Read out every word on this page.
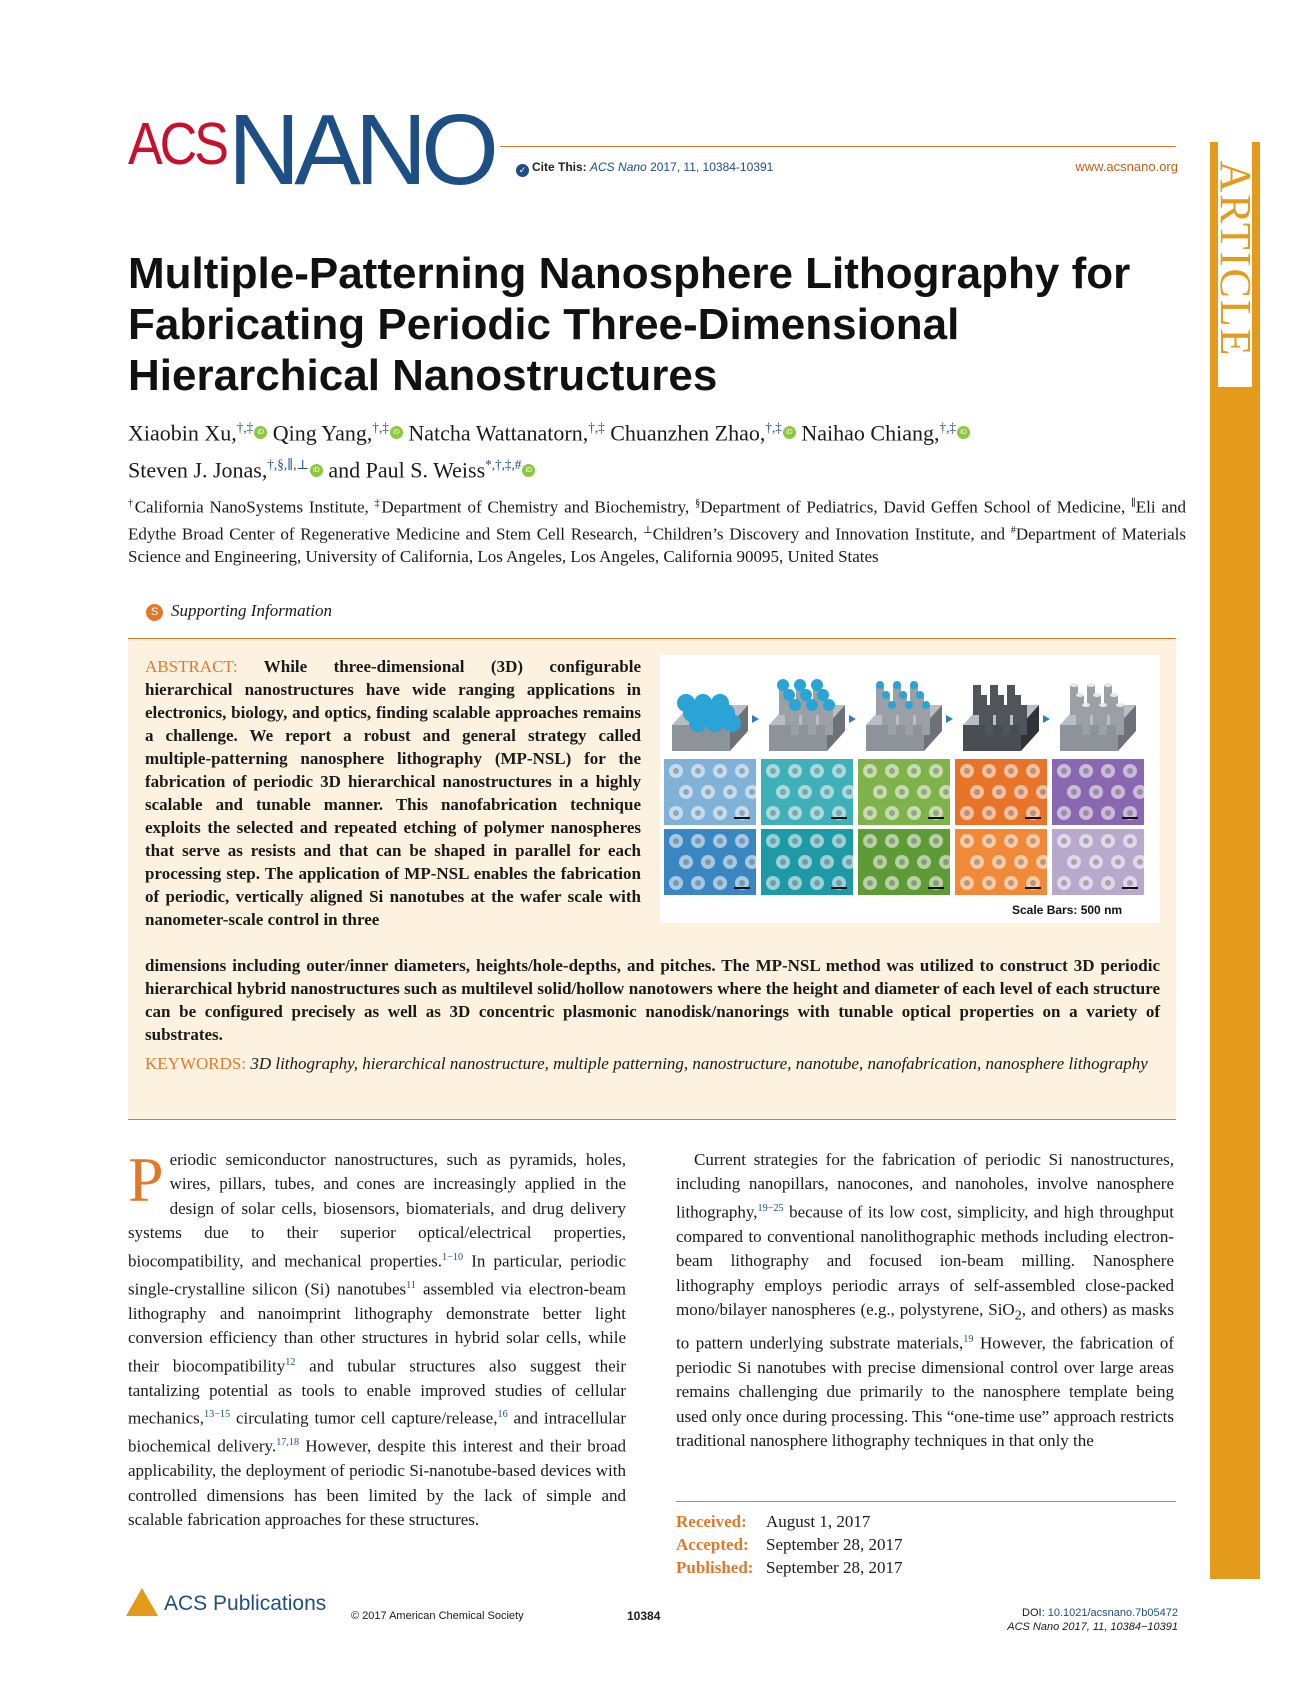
ACS NANO	✓ Cite This: ACS Nano 2017, 11, 10384-10391	www.acsnano.org ARTICLE
Multiple-Patterning Nanosphere Lithography for Fabricating Periodic Three-Dimensional Hierarchical Nanostructures
Xiaobin Xu,†,‡ iD Qing Yang,†,‡ iD Natcha Wattanatorn,†,‡ Chuanzhen Zhao,†,‡ iD Naihao Chiang,†,‡ iD
Steven J. Jonas,†,§,∥,⊥ iD and Paul S. Weiss*,†,‡,# iD
†California NanoSystems Institute, ‡Department of Chemistry and Biochemistry, §Department of Pediatrics, David Geffen School of Medicine, ∥Eli and Edythe Broad Center of Regenerative Medicine and Stem Cell Research, ⊥Children’s Discovery and Innovation Institute, and #Department of Materials Science and Engineering, University of California, Los Angeles, Los Angeles, California 90095, United States
S Supporting Information
ABSTRACT: While three-dimensional (3D) configurable hierarchical nanostructures have wide ranging applications in electronics, biology, and optics, finding scalable approaches remains a challenge. We report a robust and general strategy called multiple-patterning nanosphere lithography (MP-NSL) for the fabrication of periodic 3D hierarchical nanostructures in a highly scalable and tunable manner. This nanofabrication technique exploits the selected and repeated etching of polymer nanospheres that serve as resists and that can be shaped in parallel for each processing step. The application of MP-NSL enables the fabrication of periodic, vertically aligned Si nanotubes at the wafer scale with nanometer-scale control in three
dimensions including outer/inner diameters, heights/hole-depths, and pitches. The MP-NSL method was utilized to construct 3D periodic hierarchical hybrid nanostructures such as multilevel solid/hollow nanotowers where the height and diameter of each level of each structure can be configured precisely as well as 3D concentric plasmonic nanodisk/nanorings with tunable optical properties on a variety of substrates.
KEYWORDS: 3D lithography, hierarchical nanostructure, multiple patterning, nanostructure, nanotube, nanofabrication, nanosphere lithography
Scale Bars: 500 nm

Periodic semiconductor nanostructures, such as pyramids, holes, wires, pillars, tubes, and cones are increasingly applied in the design of solar cells, biosensors, biomaterials, and drug delivery systems due to their superior optical/electrical properties, biocompatibility, and mechanical properties.$^{1-10}$ In particular, periodic single-crystalline silicon (Si) nanotubes$^{11}$ assembled via electron-beam lithography and nanoimprint lithography demonstrate better light conversion efficiency than other structures in hybrid solar cells, while their biocompatibility$^{12}$ and tubular structures also suggest their tantalizing potential as tools to enable improved studies of cellular mechanics,$^{13-15}$ circulating tumor cell capture/release,$^{16}$ and intracellular biochemical delivery.$^{17,18}$ However, despite this interest and their broad applicability, the deployment of periodic Si-nanotube-based devices with controlled dimensions has been limited by the lack of simple and scalable fabrication approaches for these structures.

Current strategies for the fabrication of periodic Si nanostructures, including nanopillars, nanocones, and nanoholes, involve nanosphere lithography,$^{19-25}$ because of its low cost, simplicity, and high throughput compared to conventional nanolithographic methods including electron-beam lithography and focused ion-beam milling. Nanosphere lithography employs periodic arrays of self-assembled close-packed mono/bilayer nanospheres (e.g., polystyrene, SiO$_2$, and others) as masks to pattern underlying substrate materials,$^{19}$ However, the fabrication of periodic Si nanotubes with precise dimensional control over large areas remains challenging due primarily to the nanosphere template being used only once during processing. This “one-time use” approach restricts traditional nanosphere lithography techniques in that only the

Received: August 1, 2017
Accepted: September 28, 2017
Published: September 28, 2017
ACS Publications
© 2017 American Chemical Society	10384	DOI: 10.1021/acsnano.7b05472
ACS Nano 2017, 11, 10384−10391
